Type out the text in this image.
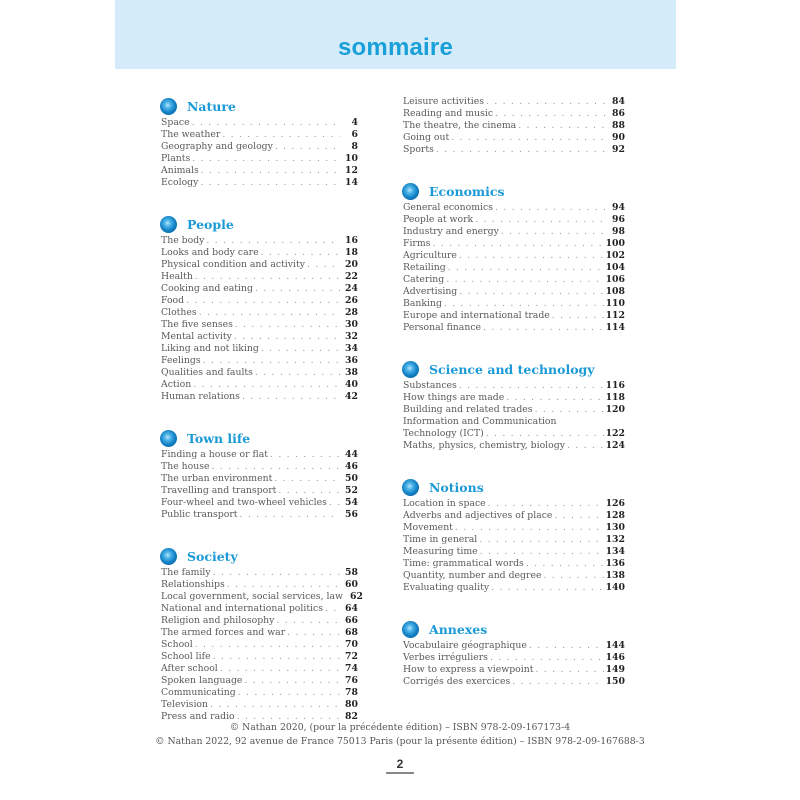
sommaire
Nature
Space . . .	4
The weather . . .	6
Geography and geology . . .	8
Plants . . .	10
Animals . . .	12
Ecology . . .	14
People
The body . . .	16
Looks and body care . . .	18
Physical condition and activity . . .	20
Health . . .	22
Cooking and eating . . .	24
Food . . .	26
Clothes . . .	28
The five senses . . .	30
Mental activity . . .	32
Liking and not liking . . .	34
Feelings . . .	36
Qualities and faults . . .	38
Action . . .	40
Human relations . . .	42
Town life
Finding a house or flat . . .	44
The house . . .	46
The urban environment . . .	50
Travelling and transport . . .	52
Four-wheel and two-wheel vehicles . . .	54
Public transport . . .	56
Society
The family . . .	58
Relationships . . .	60
Local government, social services, law 62
National and international politics . . .	64
Religion and philosophy . . .	66
The armed forces and war . . .	68
School . . .	70
School life . . .	72
After school . . .	74
Spoken language . . .	76
Communicating . . .	78
Television . . .	80
Press and radio . . .	82
Leisure activities . . .	84
Reading and music . . .	86
The theatre, the cinema . . .	88
Going out . . .	90
Sports . . .	92
Economics
General economics . . .	94
People at work . . .	96
Industry and energy . . .	98
Firms . . .	100
Agriculture . . .	102
Retailing . . .	104
Catering . . .	106
Advertising . . .	108
Banking . . .	110
Europe and international trade . . .	112
Personal finance . . .	114
Science and technology
Substances . . .	116
How things are made . . .	118
Building and related trades . . .	120
Information and Communication
Technology (ICT) . . .	122
Maths, physics, chemistry, biology . . .	124
Notions
Location in space . . .	126
Adverbs and adjectives of place . . .	128
Movement . . .	130
Time in general . . .	132
Measuring time . . .	134
Time: grammatical words . . .	136
Quantity, number and degree . . .	138
Evaluating quality . . .	140
Annexes
Vocabulaire géographique . . .	144
Verbes irréguliers . . .	146
How to express a viewpoint . . .	149
Corrigés des exercices . . .	150
© Nathan 2020, (pour la précédente édition) – ISBN 978-2-09-167173-4
© Nathan 2022, 92 avenue de France 75013 Paris (pour la présente édition) – ISBN 978-2-09-167688-3
2
